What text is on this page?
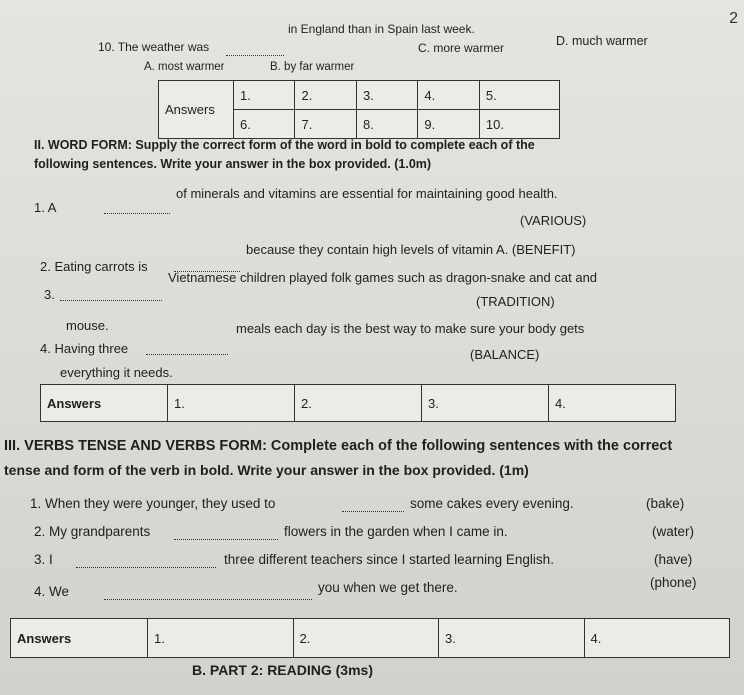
2
10. The weather was
in England than in Spain last week.
A. most warmer	B. by far warmer
C. more warmer	D. much warmer
Answers	1.	2.	3.	4.	5.
	6.	7.	8.	9.	10.
II. WORD FORM: Supply the correct form of the word in bold to complete each of the
following sentences. Write your answer in the box provided. (1.0m)
1. A
of minerals and vitamins are essential for maintaining good health.
(VARIOUS)
2. Eating carrots is
because they contain high levels of vitamin A. (BENEFIT)
3.
Vietnamese children played folk games such as dragon-snake and cat and
(TRADITION)
mouse.
4. Having three
meals each day is the best way to make sure your body gets
(BALANCE)
everything it needs.
Answers	1.	2.	3.	4.
III. VERBS TENSE AND VERBS FORM: Complete each of the following sentences with the correct
tense and form of the verb in bold. Write your answer in the box provided. (1m)
1. When they were younger, they used to	some cakes every evening.	(bake)
2. My grandparents	flowers in the garden when I came in.	(water)
3. I	three different teachers since I started learning English.	(have)
4. We	you when we get there.	(phone)
Answers	1.	2.	3.	4.
B. PART 2: READING (3ms)
